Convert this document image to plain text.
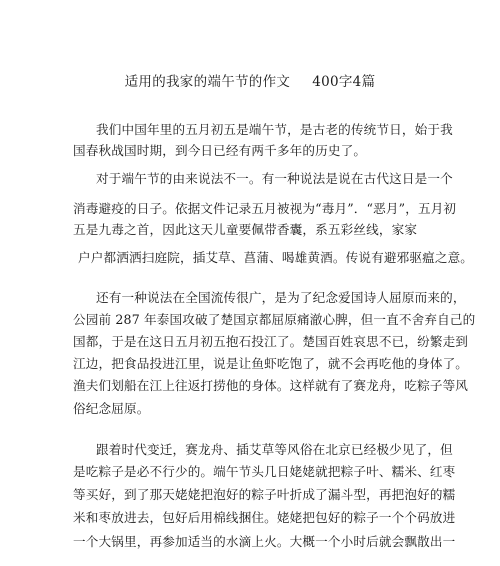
适用的我家的端午节的作文 400字4篇
我们中国年里的五月初五是端午节，是古老的传统节日，始于我
国春秋战国时期，到今日已经有两千多年的历史了。
对于端午节的由来说法不一。有一种说法是说在古代这日是一个
消毒避疫的日子。依据文件记录五月被视为“毒月”．“恶月”，五月初
五是九毒之首，因此这天儿童要佩带香囊，系五彩丝线，家家
户户都洒洒扫庭院，插艾草、菖蒲、喝雄黄酒。传说有避邪驱瘟之意。
还有一种说法在全国流传很广，是为了纪念爱国诗人屈原而来的，
公园前 287 年泰国攻破了楚国京都屈原痛澈心脾，但一直不舍弃自己的
国都，于是在这日五月初五抱石投江了。楚国百姓哀思不已，纷繁走到
江边，把食品投进江里，说是让鱼虾吃饱了，就不会再吃他的身体了。
渔夫们划船在江上往返打捞他的身体。这样就有了赛龙舟，吃粽子等风
俗纪念屈原。
跟着时代变迁，赛龙舟、插艾草等风俗在北京已经极少见了，但
是吃粽子是必不行少的。端午节头几日姥姥就把粽子叶、糯米、红枣
等买好，到了那天姥姥把泡好的粽子叶折成了漏斗型，再把泡好的糯
米和枣放进去，包好后用棉线捆住。姥姥把包好的粽子一个个码放进
一个大锅里，再参加适当的水滴上火。大概一个小时后就会飘散出一
